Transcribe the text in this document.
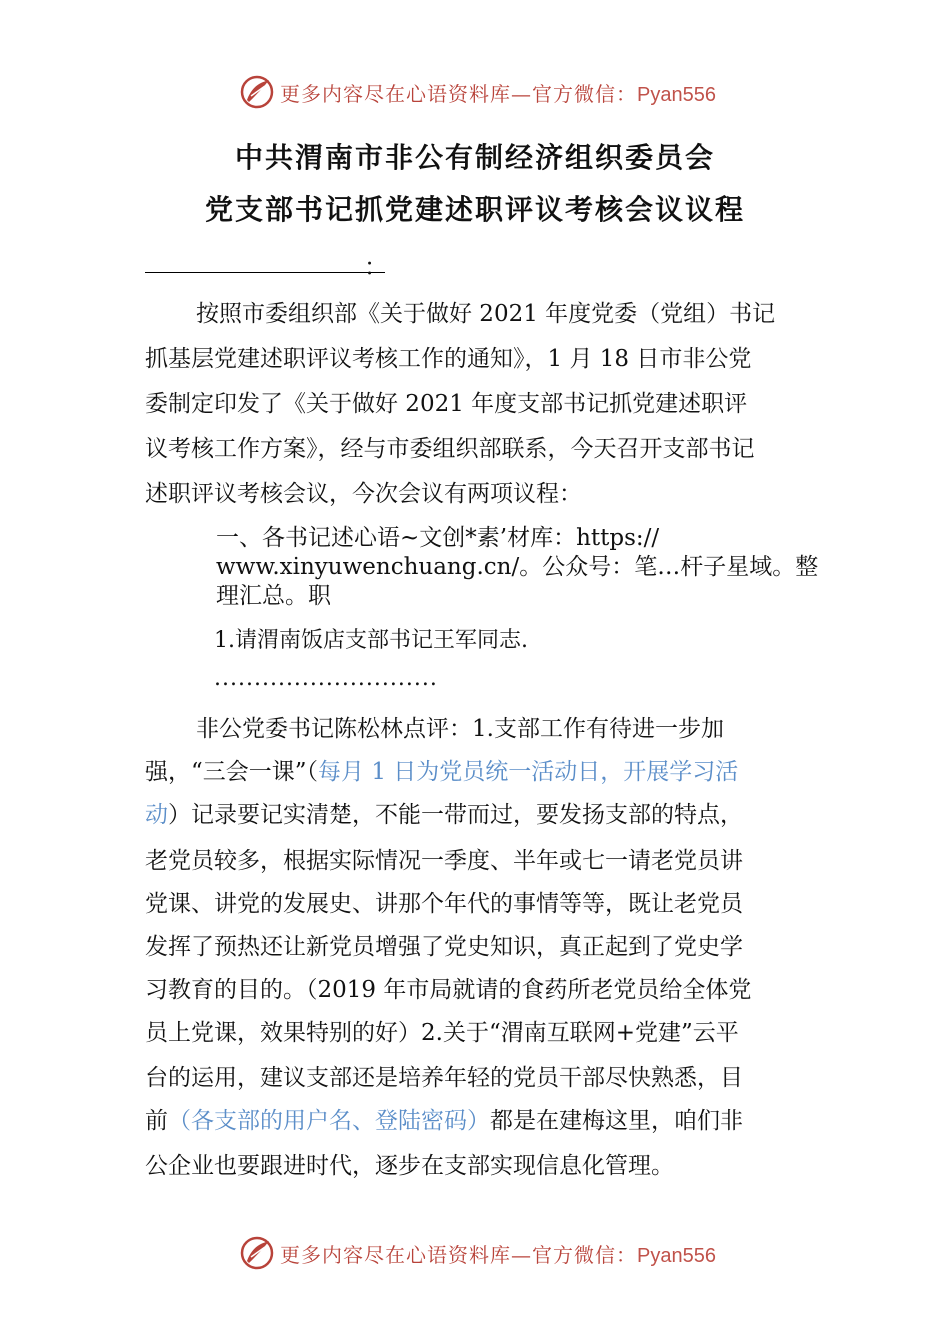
更多内容尽在心语资料库—官方微信：Pyan556
中共渭南市非公有制经济组织委员会
党支部书记抓党建述职评议考核会议议程
：
按照市委组织部《关于做好 2021 年度党委（党组）书记
抓基层党建述职评议考核工作的通知》，1 月 18 日市非公党
委制定印发了《关于做好 2021 年度支部书记抓党建述职评
议考核工作方案》，经与市委组织部联系，今天召开支部书记
述职评议考核会议，今次会议有两项议程：
一、各书记述心语~文创*素’材库：https://
www.xinyuwenchuang.cn/。公众号：笔…杆子星域。整
理汇总。职
1.请渭南饭店支部书记王军同志.
............................
非公党委书记陈松林点评：1.支部工作有待进一步加
强，“三会一课”（每月 1 日为党员统一活动日，开展学习活
动）记录要记实清楚，不能一带而过，要发扬支部的特点，
老党员较多，根据实际情况一季度、半年或七一请老党员讲
党课、讲党的发展史、讲那个年代的事情等等，既让老党员
发挥了预热还让新党员增强了党史知识，真正起到了党史学
习教育的目的。（2019 年市局就请的食药所老党员给全体党
员上党课，效果特别的好）2.关于“渭南互联网+党建”云平
台的运用，建议支部还是培养年轻的党员干部尽快熟悉，目
前（各支部的用户名、登陆密码）都是在建梅这里，咱们非
公企业也要跟进时代，逐步在支部实现信息化管理。
更多内容尽在心语资料库—官方微信：Pyan556
